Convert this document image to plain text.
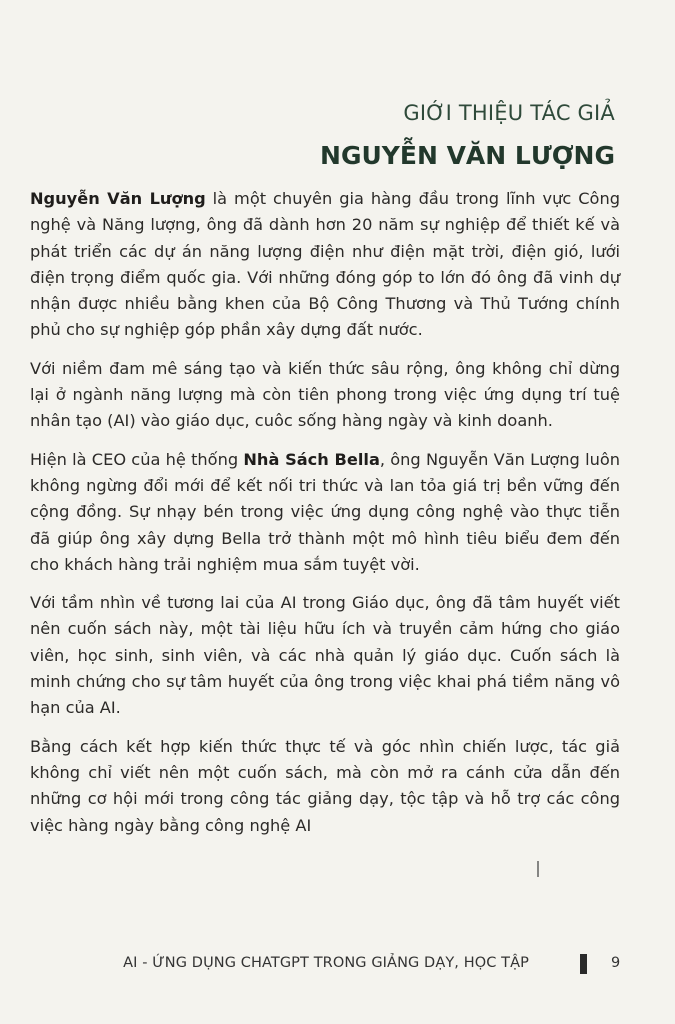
GIỚI THIỆU TÁC GIẢ
NGUYỄN VĂN LƯỢNG

Nguyễn Văn Lượng là một chuyên gia hàng đầu trong lĩnh vực Công nghệ và Năng lượng, ông đã dành hơn 20 năm sự nghiệp để thiết kế và phát triển các dự án năng lượng điện như điện mặt trời, điện gió, lưới điện trọng điểm quốc gia. Với những đóng góp to lớn đó ông đã vinh dự nhận được nhiều bằng khen của Bộ Công Thương và Thủ Tướng chính phủ cho sự nghiệp góp phần xây dựng đất nước.

Với niềm đam mê sáng tạo và kiến thức sâu rộng, ông không chỉ dừng lại ở ngành năng lượng mà còn tiên phong trong việc ứng dụng trí tuệ nhân tạo (AI) vào giáo dục, cuôc sống hàng ngày và kinh doanh.

Hiện là CEO của hệ thống Nhà Sách Bella, ông Nguyễn Văn Lượng luôn không ngừng đổi mới để kết nối tri thức và lan tỏa giá trị bền vững đến cộng đồng. Sự nhạy bén trong việc ứng dụng công nghệ vào thực tiễn đã giúp ông xây dựng Bella trở thành một mô hình tiêu biểu đem đến cho khách hàng trải nghiệm mua sắm tuyệt vời.

Với tầm nhìn về tương lai của AI trong Giáo dục, ông đã tâm huyết viết nên cuốn sách này, một tài liệu hữu ích và truyền cảm hứng cho giáo viên, học sinh, sinh viên, và các nhà quản lý giáo dục. Cuốn sách là minh chứng cho sự tâm huyết của ông trong việc khai phá tiềm năng vô hạn của AI.

Bằng cách kết hợp kiến thức thực tế và góc nhìn chiến lược, tác giả không chỉ viết nên một cuốn sách, mà còn mở ra cánh cửa dẫn đến những cơ hội mới trong công tác giảng dạy, tộc tập và hỗ trợ các công việc hàng ngày bằng công nghệ AI

AI - ỨNG DỤNG CHATGPT TRONG GIẢNG DẠY, HỌC TẬP	9
